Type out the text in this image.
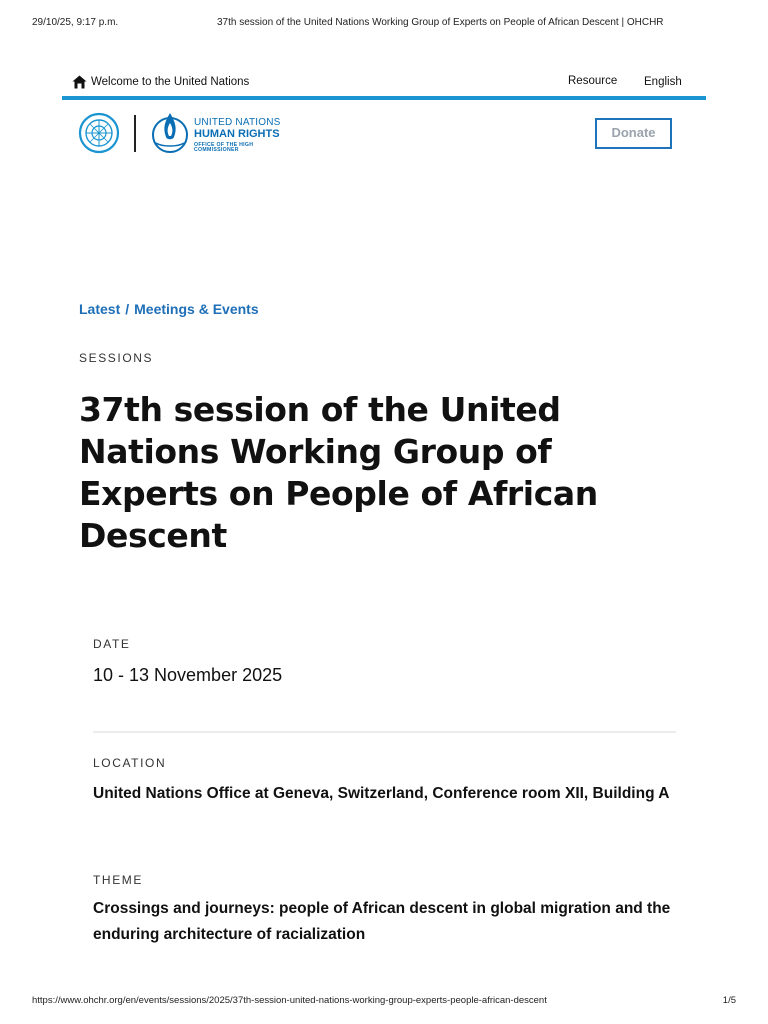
29/10/25, 9:17 p.m.	37th session of the United Nations Working Group of Experts on People of African Descent | OHCHR
Welcome to the United Nations	Resource English
UNITED NATIONS
HUMAN RIGHTS
OFFICE OF THE HIGH COMMISSIONER
Donate
Latest / Meetings & Events
SESSIONS
37th session of the United Nations Working Group of Experts on People of African Descent
DATE
10 - 13 November 2025
LOCATION
United Nations Office at Geneva, Switzerland, Conference room XII, Building A
THEME
Crossings and journeys: people of African descent in global migration and the enduring architecture of racialization
https://www.ohchr.org/en/events/sessions/2025/37th-session-united-nations-working-group-experts-people-african-descent	1/5
